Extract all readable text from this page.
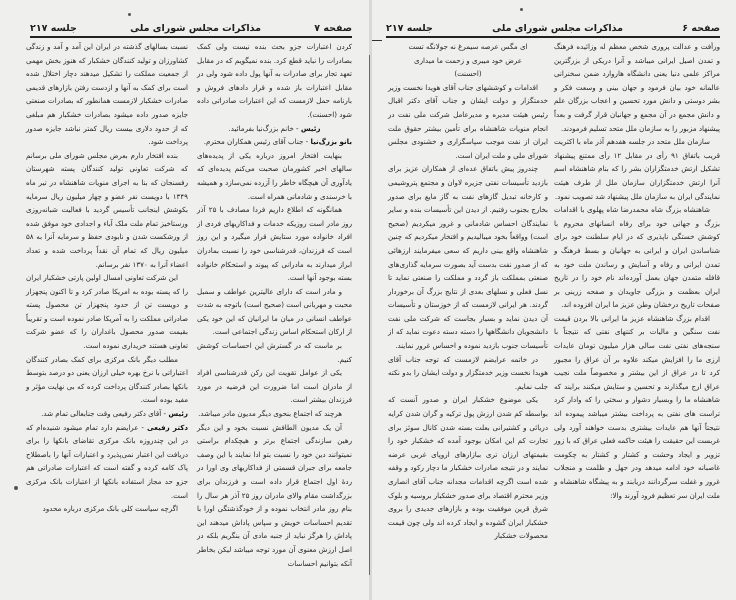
صفحه ۷
مذاکرات مجلس شورای ملی
جلسه ۲۱۷

کردن اعتبارات جزو بحث بنده نیست ولی کمک بصادرات را نباید قطع کرد. بنده نمیگویم که در مقابل تعهد تجار برای صادرات به آنها پول داده شود ولی در مقابل اعتبارات باز شده و قرار دادهای فروش و بارنامه حمل لازمست که این اعتبارات صادراتی داده شود (احسنت).

رئیس - خانم بزرگ‌نیا بفرمائید.

بانو بزرگ‌نیا - جناب آقای رئیس همکاران محترم.

بنهایت افتخار امروز درباره یکی از پدیده‌های سالهای اخیر کشورمان صحبت می‌کنم پدیده‌ای که یادآوری آن هیچگاه خاطر را آزرده نمی‌سازد و همیشه با خرسندی و شادمانی همراه است.

همانگونه که اطلاع داریم فردا مصادف با ۲۵ آذر روز مادر است روزیکه خدمات و فداکاریهای فردی از افراد خانواده مورد ستایش قرار میگیرد و این روز است که فرزندان، قدرشناسی خود را نسبت بمادران ابراز میدارند به مادرانی که پیوند و استحکام خانواده بسته بوجود آنها است.

و مادر است که دارای عالیترین عواطف و سمبل محبت و مهربانی است (صحیح است) باتوجه به شدت عواطف انسانی در میان ما ایرانیان که این خود یکی از ارکان استحکام اساس زندگی اجتماعی است.

بر ماست که در گسترش این احساسات کوشش کنیم.

یکی از عوامل تقویت این رکن قدرشناسی افراد از مادران است اما ضرورت این فرضیه در مورد فرزندان بیشتر است.

هرچند که اجتماع بنحوی دیگر مدیون مادر میباشد.

آن یک مدیون الطافش نسبت بخود و این دیگر رهین سازندگی اجتماع برتر و هیچکدام براستی نمیتوانند دین خود را نسبت بتو ادا نمایند با این وصف جامعه برای جبران قسمتی از فداکاریهای وی اورا در ردهٔ اول اجتماع قرار داده است و فرزندان برای بزرگداشت مقام والای مادران روز ۲۵ آذر هر سال را بنام روز مادر انتخاب نموده و از خودگذشتگی اورا با تقدیم احساسات خویش و سپاس پاداش میدهند این پاداش را هرگز نباید از جنبه مادی آن بنگریم بلکه در اصل ارزش معنوی آن مورد توجه میباشد لیکن بخاطر آنکه بتوانیم احساسات

نسبت بسالهای گذشته در ایران این آمد و آمد و زندگی کشاورزان و تولید کنندگان خشکبار که هنوز بخش مهمی از جمعیت مملکت را تشکیل میدهند دچار اختلال شده است برای کمک به آنها و ازدست رفتن بازارهای قدیمی صادرات خشکبار لازمست همانطور که بصادرات صنعتی جایزه صدور داده میشود بصادرات خشکبار هم مبلغی که از حدود دلاری بیست ریال کمتر نباشد جایزه صدور پرداخت شود.

بنده افتخار دارم بعرض مجلس شورای ملی برسانم که شرکت تعاونی تولید کنندگان پسته شهرستان رفسنجان که بنا به اجرای منویات شاهنشاه در تیر ماه ۱۳۴۹ با دویست نفر عضو و چهار میلیون ریال سرمایه بکوشش اینجانب تأسیس گردید با فعالیت شبانه‌روزی ورستاخیز تمام ملت ملک آباء و اجدادی خود موفق شده از ورشکست شدن و نابودی حفظ و سرمایه آنرا به ۵۸ میلیون ریال که تمام آن نقداً پرداخت شده و تعداد اعضاء آنرا به ۱۳۷۰ نفر برسانم.

این شرکت تعاونی امسال اولین پارتی خشکبار ایران را که پسته بوده به امریکا صادر کرد و تا اکنون پنجهزار و دویست تن از حدود پنجهزار تن محصول پسته صادراتی مملکت را به آمریکا صادر نموده است و تقریباً بقیمت صدور محصول باغداران را که عضو شرکت تعاونی هستند خریداری نموده است.

مطلب دیگر بانک مرکزی برای کمک بصادر کنندگان اعتباراتی با نرخ بهره خیلی ارزان یعنی دو درصد بتوسط بانکها بصادر کنندگان پرداخت کرده که بی نهایت مؤثر و مفید بوده است.

رئیس - آقای دکتر رفیعی وقت جنابعالی تمام شد.

دکتر رفیعی - عرایضم دارد تمام میشود شنیده‌ام که در این چندروزه بانک مرکزی تقاضای بانکها را برای دریافت این اعتبار نمی‌پذیرد و اعتبارات آنها را باصطلاح پاک کامه کرده و گفته است که اعتبارات صادراتی هم جزو حد مجاز استفاده بانکها از اعتبارات بانک مرکزی است.

اگرچه سیاست کلی بانک مرکزی درباره محدود

صفحه ۶
مذاکرات مجلس شورای ملی
جلسه ۲۱۷

ورأفت و عدالت پروری شخص معظم له وزائیده فرهنگ و تمدن اصیل ایرانی میباشد و آنرا دریکی از بزرگترین مراکز علمی دنیا یعنی دانشگاه هاروارد ضمن سخنرانی عالمانه خود بیان فرمود و جهان بینی و وسعت فکر و بشر دوستی و دانش مورد تحسین و اعجاب بزرگان علم و دانش مجمع در آن مجمع و جهانیان قرار گرفت و بعداً پیشنهاد مزبور را به سازمان ملل متحد تسلیم فرمودند.

سازمان ملل متحد در جلسه هفدهم آذر ماه با اکثریت قریب باتفاق ۹۱ رأی در مقابل ۱۲ رأی ممتنع پیشنهاد تشکیل ارتش خدمتگزاران بشر را که بنام شاهنشاه اسم آنرا ارتش خدمتگزاران سازمان ملل از طرف هیئت نمایندگی ایران به سازمان ملل پیشنهاد شد تصویب نمود.

شاهنشاه بزرگ شاه محمدرضا شاه پهلوی با اقدامات بزرگ و جهانی خود برای رفاه انسانهای محروم با کوشش خستگی ناپذیری که در ایام سلطنت خود برای شناساندن ایران و ایرانی به جهانیان و بسط فرهنگ و تمدن ایرانی و رفاه و آسایش و رساندن ملت خود به قافله متمدن جهان بعمل آورده‌اند نام خود را در تاریخ ایران بعظمت و بزرگی جاویدان و صفحه زرینی بر صفحات تاریخ درخشان وطن عزیز ما ایران افزوده اند.

اقدام بزرگ شاهنشاه عزیز ما ایرانی بالا بردن قیمت نفت سنگین و مالیات بر کنتهای نفتی که نتیجتاً با سنجه‌های نفتی نفت سالی هزار میلیون تومان عایدات ارزی ما را افزایش میکند علاوه بر آن عراق را مجبور کرد تا در عراق از این بیشتر و مخصوصاً ملت نجیب عراق ارج میگذارند و تحسین و ستایش میکنند برایند که شاهنشاه ما را وبسیار دشوار و سختی را که وادار کرد تراست های نفتی به پرداخت بیشتر میباشد پیموده اند نتیجتاً آنها هم عایدات بیشتری بدست خواهند آورد ولی غربست این حقیقت را هیئت حاکمه فعلی عراق که با زور تزویر و ایجاد وحشت و کشتار و کشتار به چکومت غاصبانه خود ادامه میدهد ودر جهل و ظلمت و منجلاب غرور و غفلت سرگردانند دریابند و به پیشگاه شاهنشاه و ملت ایران سر تعظیم فرود آورند والا:

ای مگس عرصه سیمرغ نه جولانگه تست

عرض خود میبری و زحمت ما میداری

(احسنت)

اقدامات و کوششهای جناب آقای هویدا نخست وزیر خدمتگزار و دولت ایشان و جناب آقای دکتر اقبال رئیس هیئت مدیره و مدیرعامل شرکت ملی نفت در انجام منویات شاهنشاه برای تأمین بیشتر حقوق ملت ایران از نفت موجب سپاسگزاری و خشنودی مجلس شورای ملی و ملت ایران است.

چندروز پیش باتفاق عده‌ای از همکاران عزیز برای بازدید تأسیسات نفتی جزیره لاوان و مجتمع پتروشیمی و کارخانه تبدیل گازهای نفت به گاز مایع برای صدور بخارج بجنوب رفتیم. از دیدن این تأسیسات بنده و سایر نمایندگان احساس شادمانی و غرور میکردیم (صحیح است) وواقعاً بخود میبالیدیم و افتخار میکردیم که چنین شاهنشاه واقع بینی داریم که سعی میفرمایند ارزهائی که از صدور نفت بدست آید بصورت سرمایه گذاری‌های صنعتی بمملکت باز گردد و مملکت را صنعتی نماید تا نسل فعلی و نسلهای بعدی از نتایج بزرگ آن برخوردار گردند. هر ایرانی لازمست که از خوزستان و تأسیسات آن دیدن نماید و بسیار بجاست که شرکت ملی نفت دانشجویان دانشگاهها را دسته دسته دعوت نماید که از تأسیسات جنوب بازدید نموده و احساس غرور نمایند.

در خاتمه عرایضم لازمست که توجه جناب آقای هویدا نخست وزیر خدمتگزار و دولت ایشان را بدو نکته جلب نمایم.

یکی موضوع خشکبار ایران و صدور آنست که بواسطه کم شدن ارزش پول ترکیه و گران شدن کرایه دریائی و کشتیرانی بعلت بسته شدن کانال سوئز برای تجارت کم این امکان بوجود آمده که خشکبار خود را بقیمتهای ارزان تری ببازارهای اروپای غربی عرضه نمایند و در نتیجه صادرات خشکبار ما دچار رکود و وقفه شده است اگرچه اقدامات مجدانه جناب آقای انصاری وزیر محترم اقتصاد برای صدور خشکبار بروسیه و بلوک شرق قرین موفقیت بوده و بازارهای جدیدی را بروی خشکبار ایران گشوده و ایجاد کرده اند ولی چون قیمت محصولات خشکبار
